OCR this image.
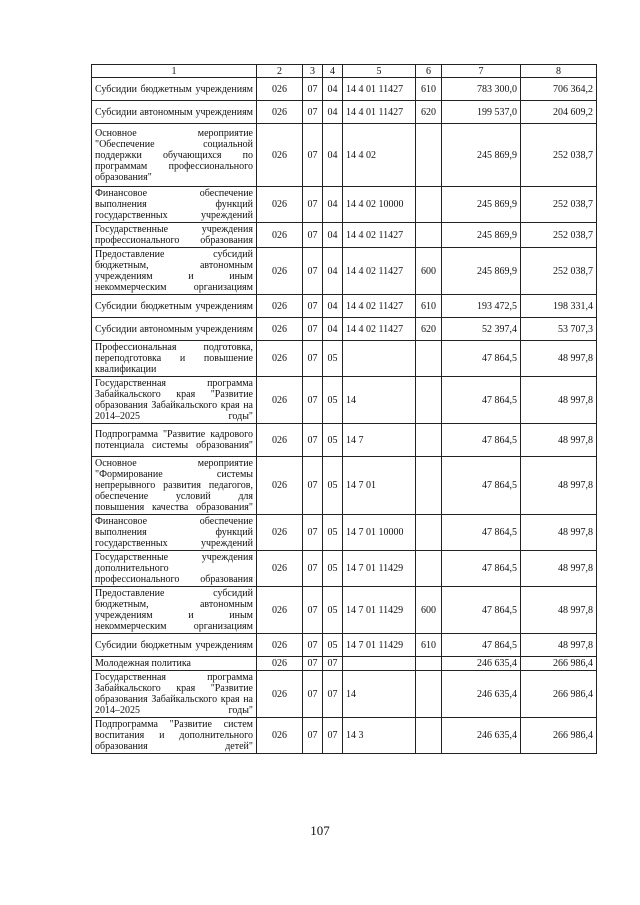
1	2	3	4	5	6	7	8
Субсидии бюджетным учреждениям	026	07	04	14 4 01 11427	610	783 300,0	706 364,2
Субсидии автономным учреждениям	026	07	04	14 4 01 11427	620	199 537,0	204 609,2
Основное мероприятие "Обеспечение социальной поддержки обучающихся по программам профессионального образования"	026	07	04	14 4 02		245 869,9	252 038,7
Финансовое обеспечение выполнения функций государственных учреждений	026	07	04	14 4 02 10000		245 869,9	252 038,7
Государственные учреждения профессионального образования	026	07	04	14 4 02 11427		245 869,9	252 038,7
Предоставление субсидий бюджетным, автономным учреждениям и иным некоммерческим организациям	026	07	04	14 4 02 11427	600	245 869,9	252 038,7
Субсидии бюджетным учреждениям	026	07	04	14 4 02 11427	610	193 472,5	198 331,4
Субсидии автономным учреждениям	026	07	04	14 4 02 11427	620	52 397,4	53 707,3
Профессиональная подготовка, переподготовка и повышение квалификации	026	07	05			47 864,5	48 997,8
Государственная программа Забайкальского края "Развитие образования Забайкальского края на 2014–2025 годы"	026	07	05	14		47 864,5	48 997,8
Подпрограмма "Развитие кадрового потенциала системы образования"	026	07	05	14 7		47 864,5	48 997,8
Основное мероприятие "Формирование системы непрерывного развития педагогов, обеспечение условий для повышения качества образования"	026	07	05	14 7 01		47 864,5	48 997,8
Финансовое обеспечение выполнения функций государственных учреждений	026	07	05	14 7 01 10000		47 864,5	48 997,8
Государственные учреждения дополнительного профессионального образования	026	07	05	14 7 01 11429		47 864,5	48 997,8
Предоставление субсидий бюджетным, автономным учреждениям и иным некоммерческим организациям	026	07	05	14 7 01 11429	600	47 864,5	48 997,8
Субсидии бюджетным учреждениям	026	07	05	14 7 01 11429	610	47 864,5	48 997,8
Молодежная политика	026	07	07			246 635,4	266 986,4
Государственная программа Забайкальского края "Развитие образования Забайкальского края на 2014–2025 годы"	026	07	07	14		246 635,4	266 986,4
Подпрограмма "Развитие систем воспитания и дополнительного образования детей"	026	07	07	14 3		246 635,4	266 986,4
107
